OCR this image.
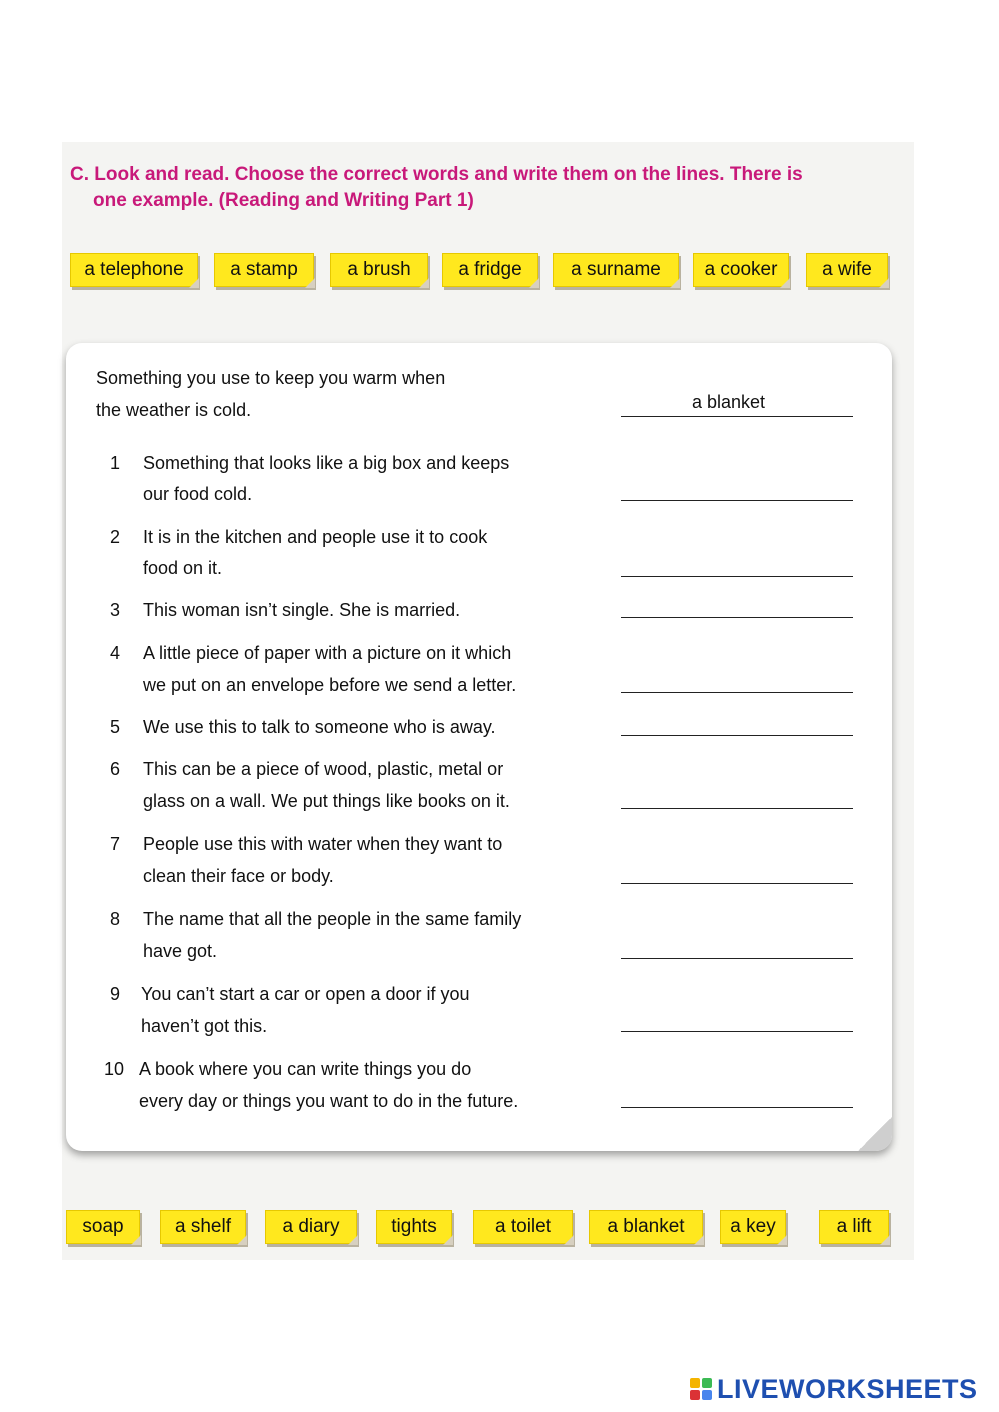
C. Look and read. Choose the correct words and write them on the lines. There is
one example. (Reading and Writing Part 1)
a telephone	a stamp	a brush	a fridge	a surname	a cooker	a wife
Something you use to keep you warm when
the weather is cold.	a blanket
1 Something that looks like a big box and keeps
our food cold.
2 It is in the kitchen and people use it to cook
food on it.
3 This woman isn’t single. She is married.
4 A little piece of paper with a picture on it which
we put on an envelope before we send a letter.
5 We use this to talk to someone who is away.
6 This can be a piece of wood, plastic, metal or
glass on a wall. We put things like books on it.
7 People use this with water when they want to
clean their face or body.
8 The name that all the people in the same family
have got.
9 You can’t start a car or open a door if you
haven’t got this.
10 A book where you can write things you do
every day or things you want to do in the future.
soap	a shelf	a diary	tights	a toilet	a blanket	a key	a lift
LIVEWORKSHEETS
